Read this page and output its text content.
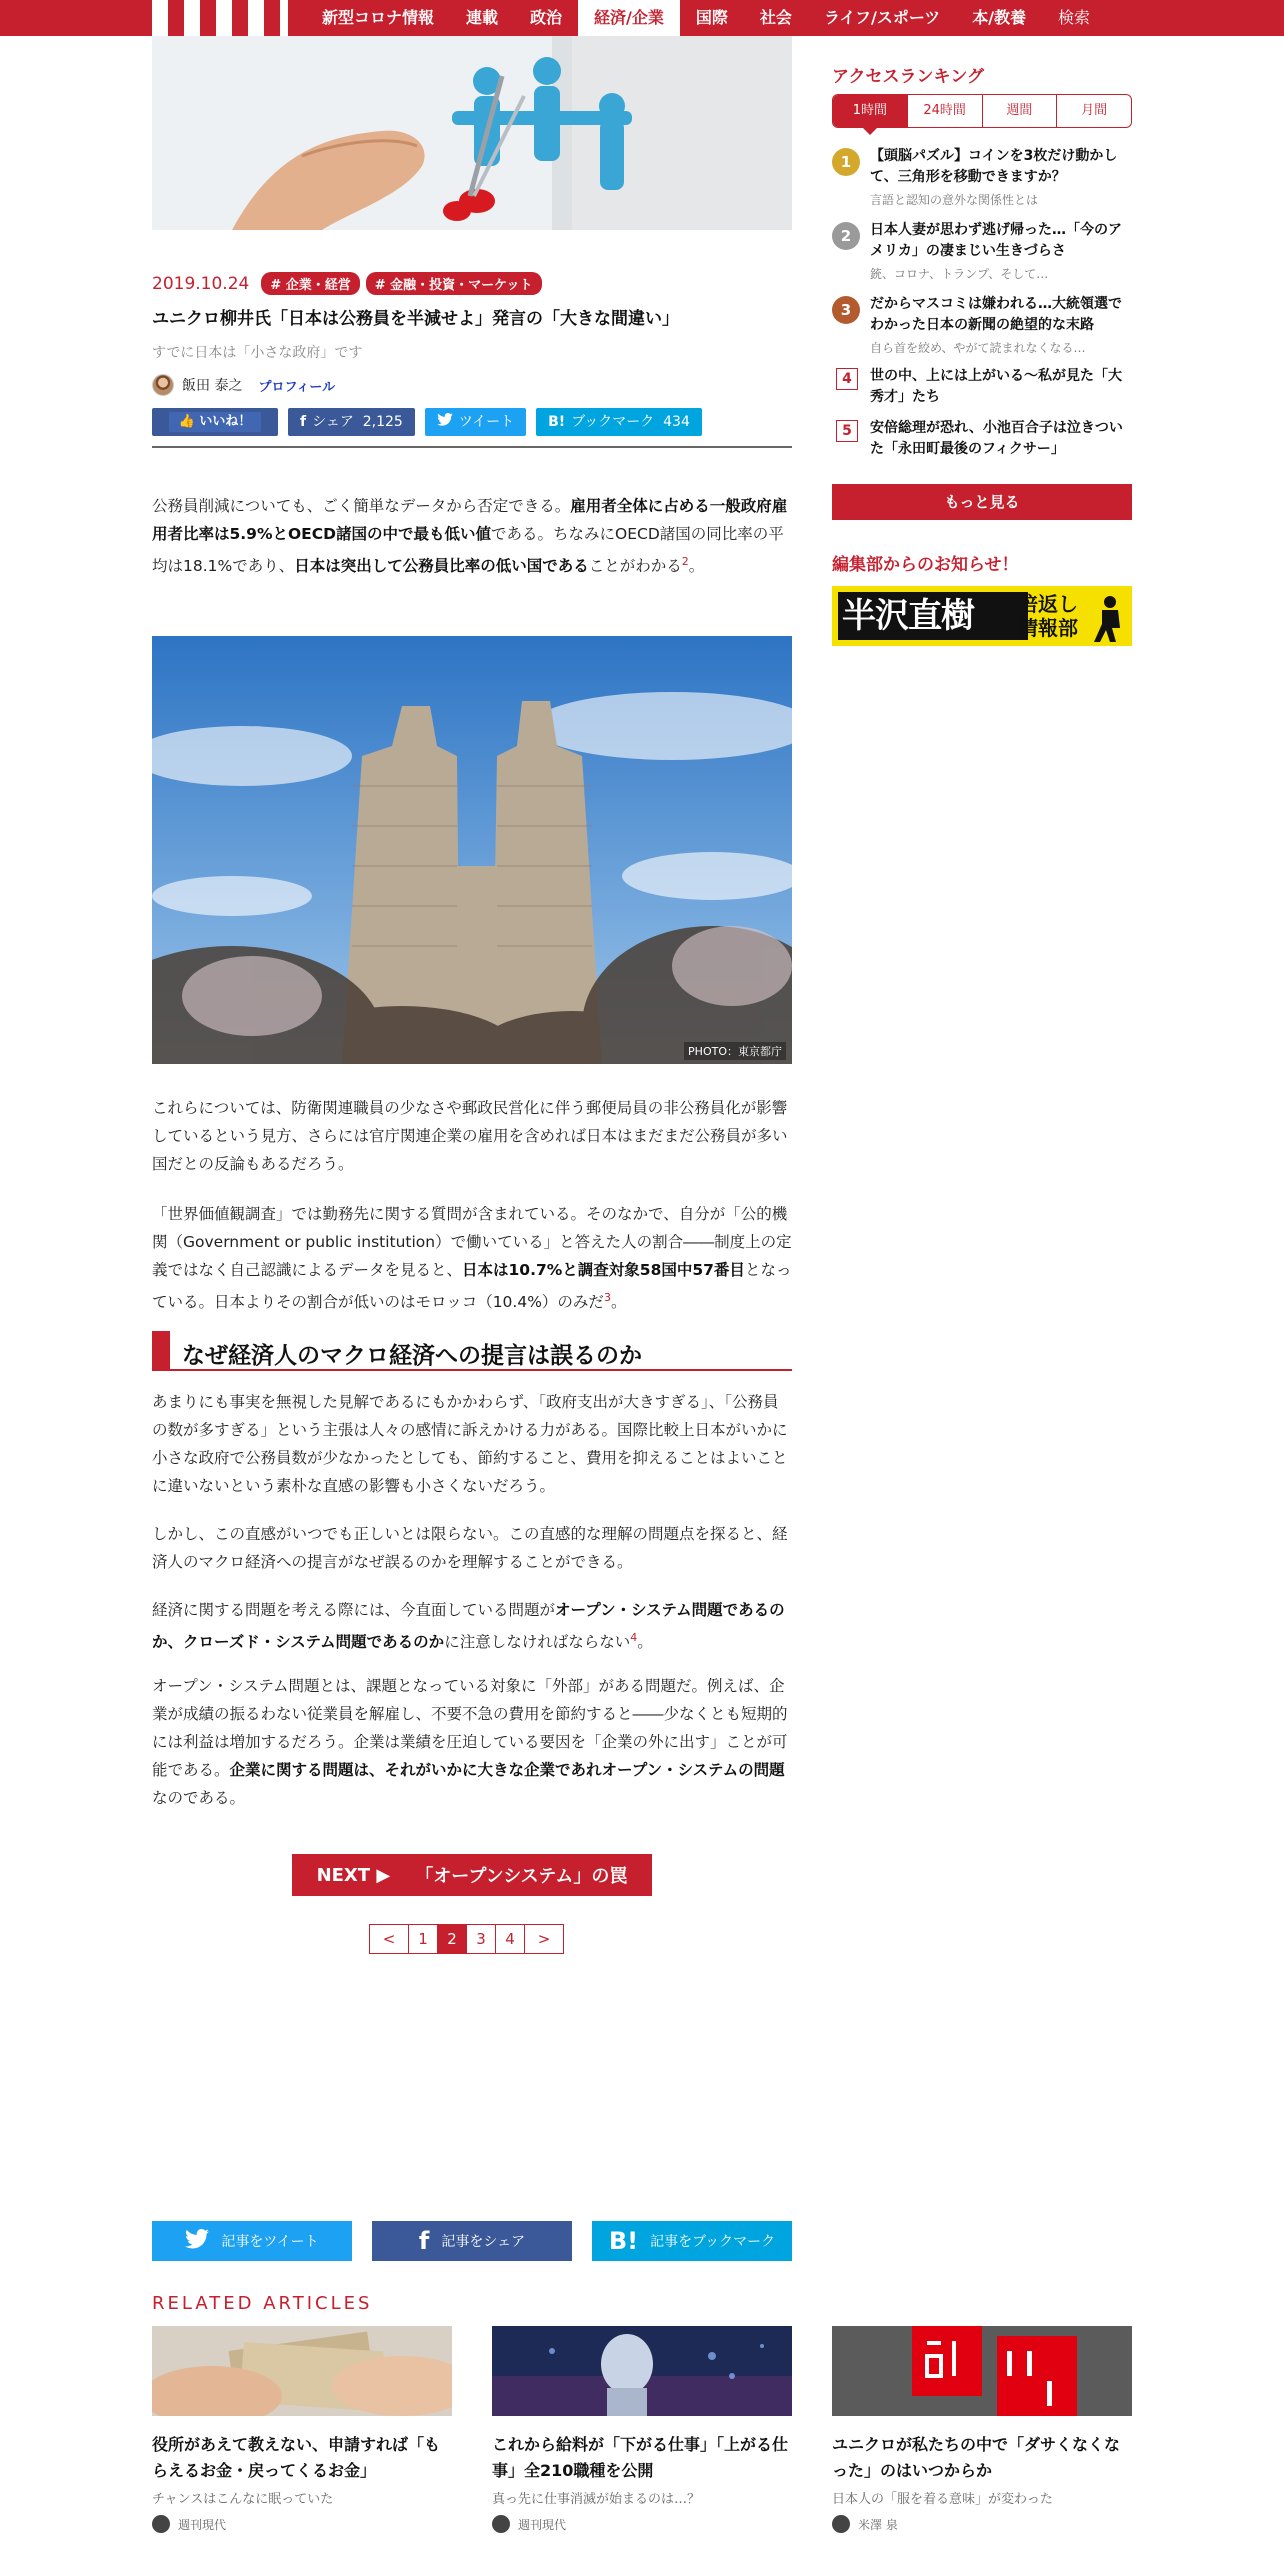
新型コロナ情報	連載	政治	経済/企業	国際	社会	ライフ/スポーツ	本/教養	検索
2019.10.24	# 企業・経営	# 金融・投資・マーケット
ユニクロ柳井氏「日本は公務員を半減せよ」発言の「大きな間違い」
すでに日本は「小さな政府」です
飯田 泰之 プロフィール
👍 いいね！	f シェア
2,125	ツイート B! ブックマーク
434

公務員削減についても、ごく簡単なデータから否定できる。雇用者全体に占める一般政府雇用者比率は5.9%とOECD諸国の中で最も低い値である。ちなみにOECD諸国の同比率の平均は18.1%であり、日本は突出して公務員比率の低い国であることがわかる$^2$。

PHOTO：東京都庁

これらについては、防衛関連職員の少なさや郵政民営化に伴う郵便局員の非公務員化が影響しているという見方、さらには官庁関連企業の雇用を含めれば日本はまだまだ公務員が多い国だとの反論もあるだろう。

「世界価値観調査」では勤務先に関する質問が含まれている。そのなかで、自分が「公的機関（Government or public institution）で働いている」と答えた人の割合――制度上の定義ではなく自己認識によるデータを見ると、日本は10.7%と調査対象58国中57番目となっている。日本よりその割合が低いのはモロッコ（10.4%）のみだ$^3$。

なぜ経済人のマクロ経済への提言は誤るのか

あまりにも事実を無視した見解であるにもかかわらず、「政府支出が大きすぎる」、「公務員の数が多すぎる」という主張は人々の感情に訴えかける力がある。国際比較上日本がいかに小さな政府で公務員数が少なかったとしても、節約すること、費用を抑えることはよいことに違いないという素朴な直感の影響も小さくないだろう。

しかし、この直感がいつでも正しいとは限らない。この直感的な理解の問題点を探ると、経済人のマクロ経済への提言がなぜ誤るのかを理解することができる。

経済に関する問題を考える際には、今直面している問題がオープン・システム問題であるのか、クローズド・システム問題であるのかに注意しなければならない$^4$。

オープン・システム問題とは、課題となっている対象に「外部」がある問題だ。例えば、企業が成績の振るわない従業員を解雇し、不要不急の費用を節約すると――少なくとも短期的には利益は増加するだろう。企業は業績を圧迫している要因を「企業の外に出す」ことが可能である。企業に関する問題は、それがいかに大きな企業であれオープン・システムの問題なのである。

NEXT ▶
「オープンシステム」の罠
<	1	2	3	4	>
記事をツイート	f 記事をシェア	B! 記事をブックマーク
RELATED ARTICLES
役所があえて教えない、申請すれば「もらえるお金・戻ってくるお金」
チャンスはこんなに眠っていた
週刊現代
これから給料が「下がる仕事」「上がる仕事」全210職種を公開
真っ先に仕事消滅が始まるのは…？
週刊現代
ユニクロが私たちの中で「ダサくなくなった」のはいつからか
日本人の「服を着る意味」が変わった
米澤 泉
アクセスランキング
1時間	24時間	週間	月間
1	【頭脳パズル】コインを3枚だけ動かして、三角形を移動できますか？
言語と認知の意外な関係性とは
2	日本人妻が思わず逃げ帰った…「今のアメリカ」の凄まじい生きづらさ
銃、コロナ、トランプ、そして…
3	だからマスコミは嫌われる…大統領選でわかった日本の新聞の絶望的な末路
自ら首を絞め、やがて読まれなくなる…
4	世の中、上には上がいる〜私が見た「大秀才」たち
5	安倍総理が恐れ、小池百合子は泣きついた「永田町最後のフィクサー」
もっと見る
編集部からのお知らせ！
半沢直樹 倍返し
情報部
